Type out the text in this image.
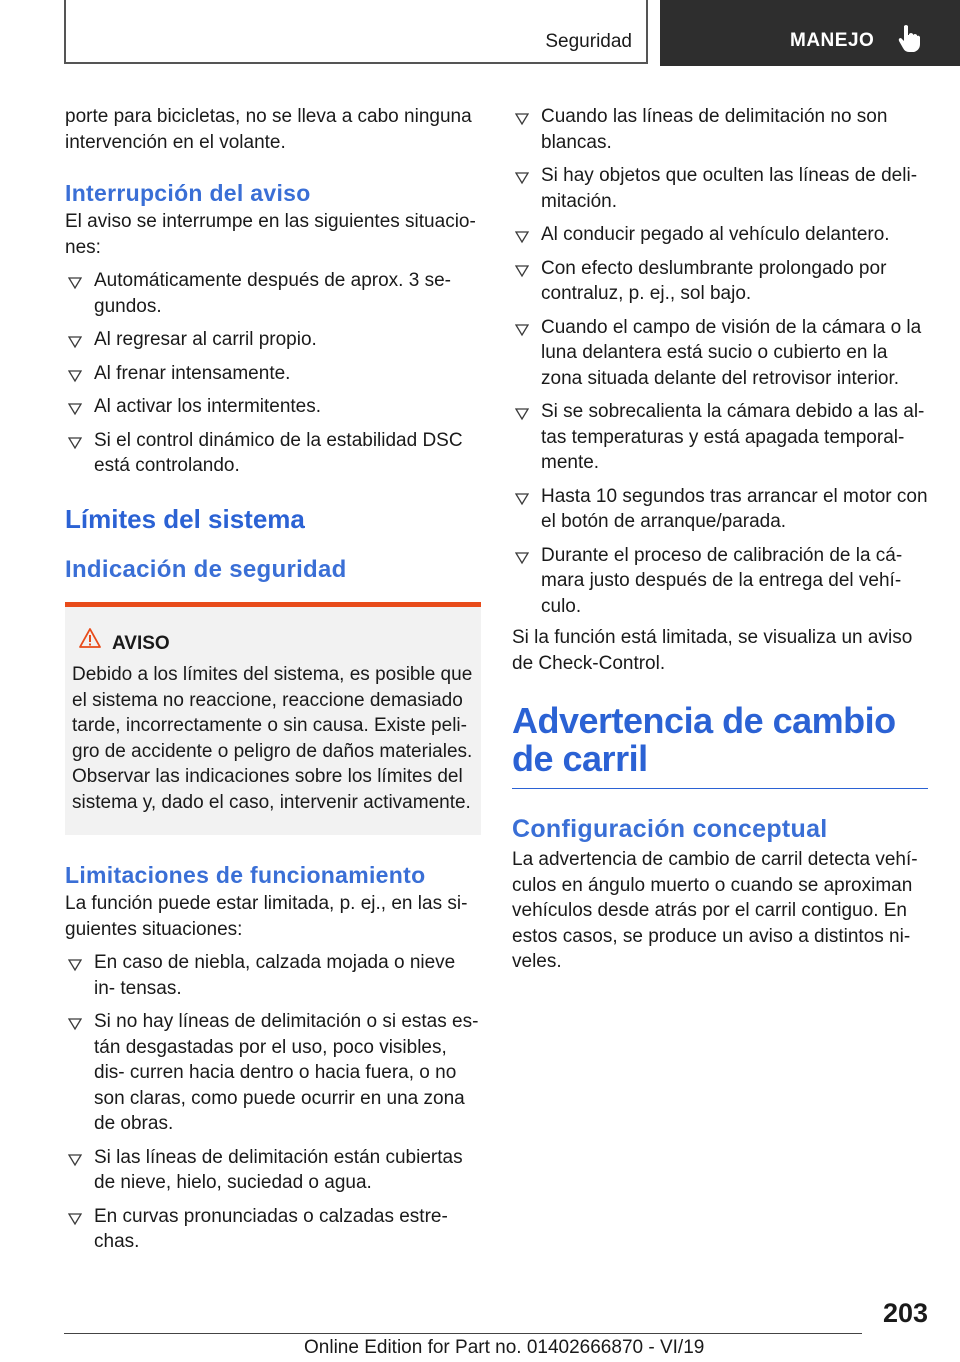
Seguridad	MANEJO

porte para bicicletas, no se lleva a cabo ninguna intervención en el volante.

Interrupción del aviso

El aviso se interrumpe en las siguientes situacio‐ nes:

Automáticamente después de aprox. 3 se‐ gundos.
Al regresar al carril propio.
Al frenar intensamente.
Al activar los intermitentes.
Si el control dinámico de la estabilidad DSC está controlando.
Límites del sistema
Indicación de seguridad
AVISO

Debido a los límites del sistema, es posible que el sistema no reaccione, reaccione demasiado tarde, incorrectamente o sin causa. Existe peli‐ gro de accidente o peligro de daños materiales. Observar las indicaciones sobre los límites del sistema y, dado el caso, intervenir activamente.

Limitaciones de funcionamiento

La función puede estar limitada, p. ej., en las si‐ guientes situaciones:

En caso de niebla, calzada mojada o nieve in‐ tensas.
Si no hay líneas de delimitación o si estas es‐ tán desgastadas por el uso, poco visibles, dis‐ curren hacia dentro o hacia fuera, o no son claras, como puede ocurrir en una zona de obras.
Si las líneas de delimitación están cubiertas de nieve, hielo, suciedad o agua.
En curvas pronunciadas o calzadas estre‐ chas.
Cuando las líneas de delimitación no son blancas.
Si hay objetos que oculten las líneas de deli‐ mitación.
Al conducir pegado al vehículo delantero.
Con efecto deslumbrante prolongado por contraluz, p. ej., sol bajo.
Cuando el campo de visión de la cámara o la luna delantera está sucio o cubierto en la zona situada delante del retrovisor interior.
Si se sobrecalienta la cámara debido a las al‐ tas temperaturas y está apagada temporal‐ mente.
Hasta 10 segundos tras arrancar el motor con el botón de arranque/parada.
Durante el proceso de calibración de la cá‐ mara justo después de la entrega del vehí‐ culo.

Si la función está limitada, se visualiza un aviso de Check-Control.

Advertencia de cambio de carril
Configuración conceptual

La advertencia de cambio de carril detecta vehí‐ culos en ángulo muerto o cuando se aproximan vehículos desde atrás por el carril contiguo. En estos casos, se produce un aviso a distintos ni‐ veles.

203
Online Edition for Part no. 01402666870 - VI/19
